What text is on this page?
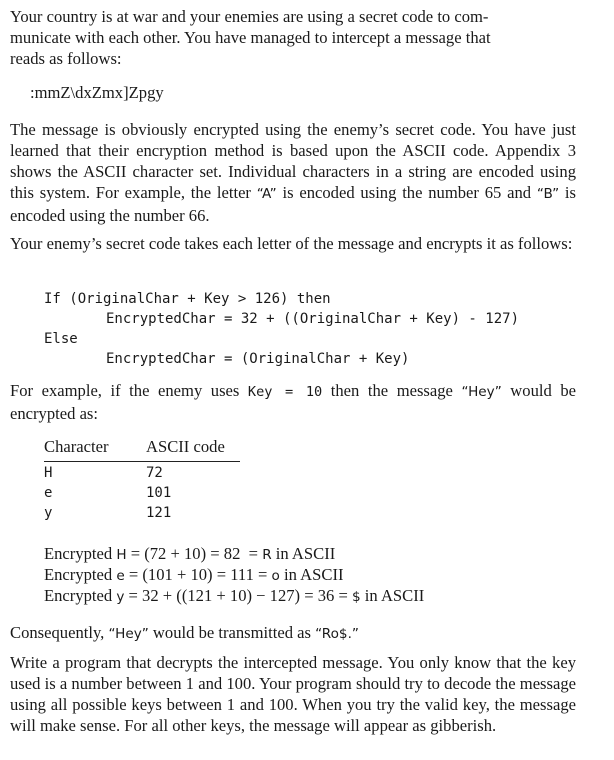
Your country is at war and your enemies are using a secret code to com-
municate with each other. You have managed to intercept a message that
reads as follows:
:mmZ\dxZmx]Zpgy

The message is obviously encrypted using the enemy’s secret code. You have just learned that their encryption method is based upon the ASCII code. Appendix 3 shows the ASCII character set. Individual characters in a string are encoded using this system. For example, the letter “A” is encoded using the number 65 and “B” is encoded using the number 66.

Your enemy’s secret code takes each letter of the message and encrypts it as follows:

If (OriginalChar + Key > 126) then
EncryptedChar = 32 + ((OriginalChar + Key) - 127)
Else
EncryptedChar = (OriginalChar + Key)

For example, if the enemy uses Key = 10 then the message “Hey” would be encrypted as:

Character ASCII code
H	72
e	101
y	121
Encrypted H = (72 + 10) = 82  = R in ASCII
Encrypted e = (101 + 10) = 111 = o in ASCII
Encrypted y = 32 + ((121 + 10) − 127) = 36 = $ in ASCII
Consequently, “Hey” would be transmitted as “Ro$.”

Write a program that decrypts the intercepted message. You only know that the key used is a number between 1 and 100. Your program should try to decode the message using all possible keys between 1 and 100. When you try the valid key, the message will make sense. For all other keys, the message will appear as gibberish.
